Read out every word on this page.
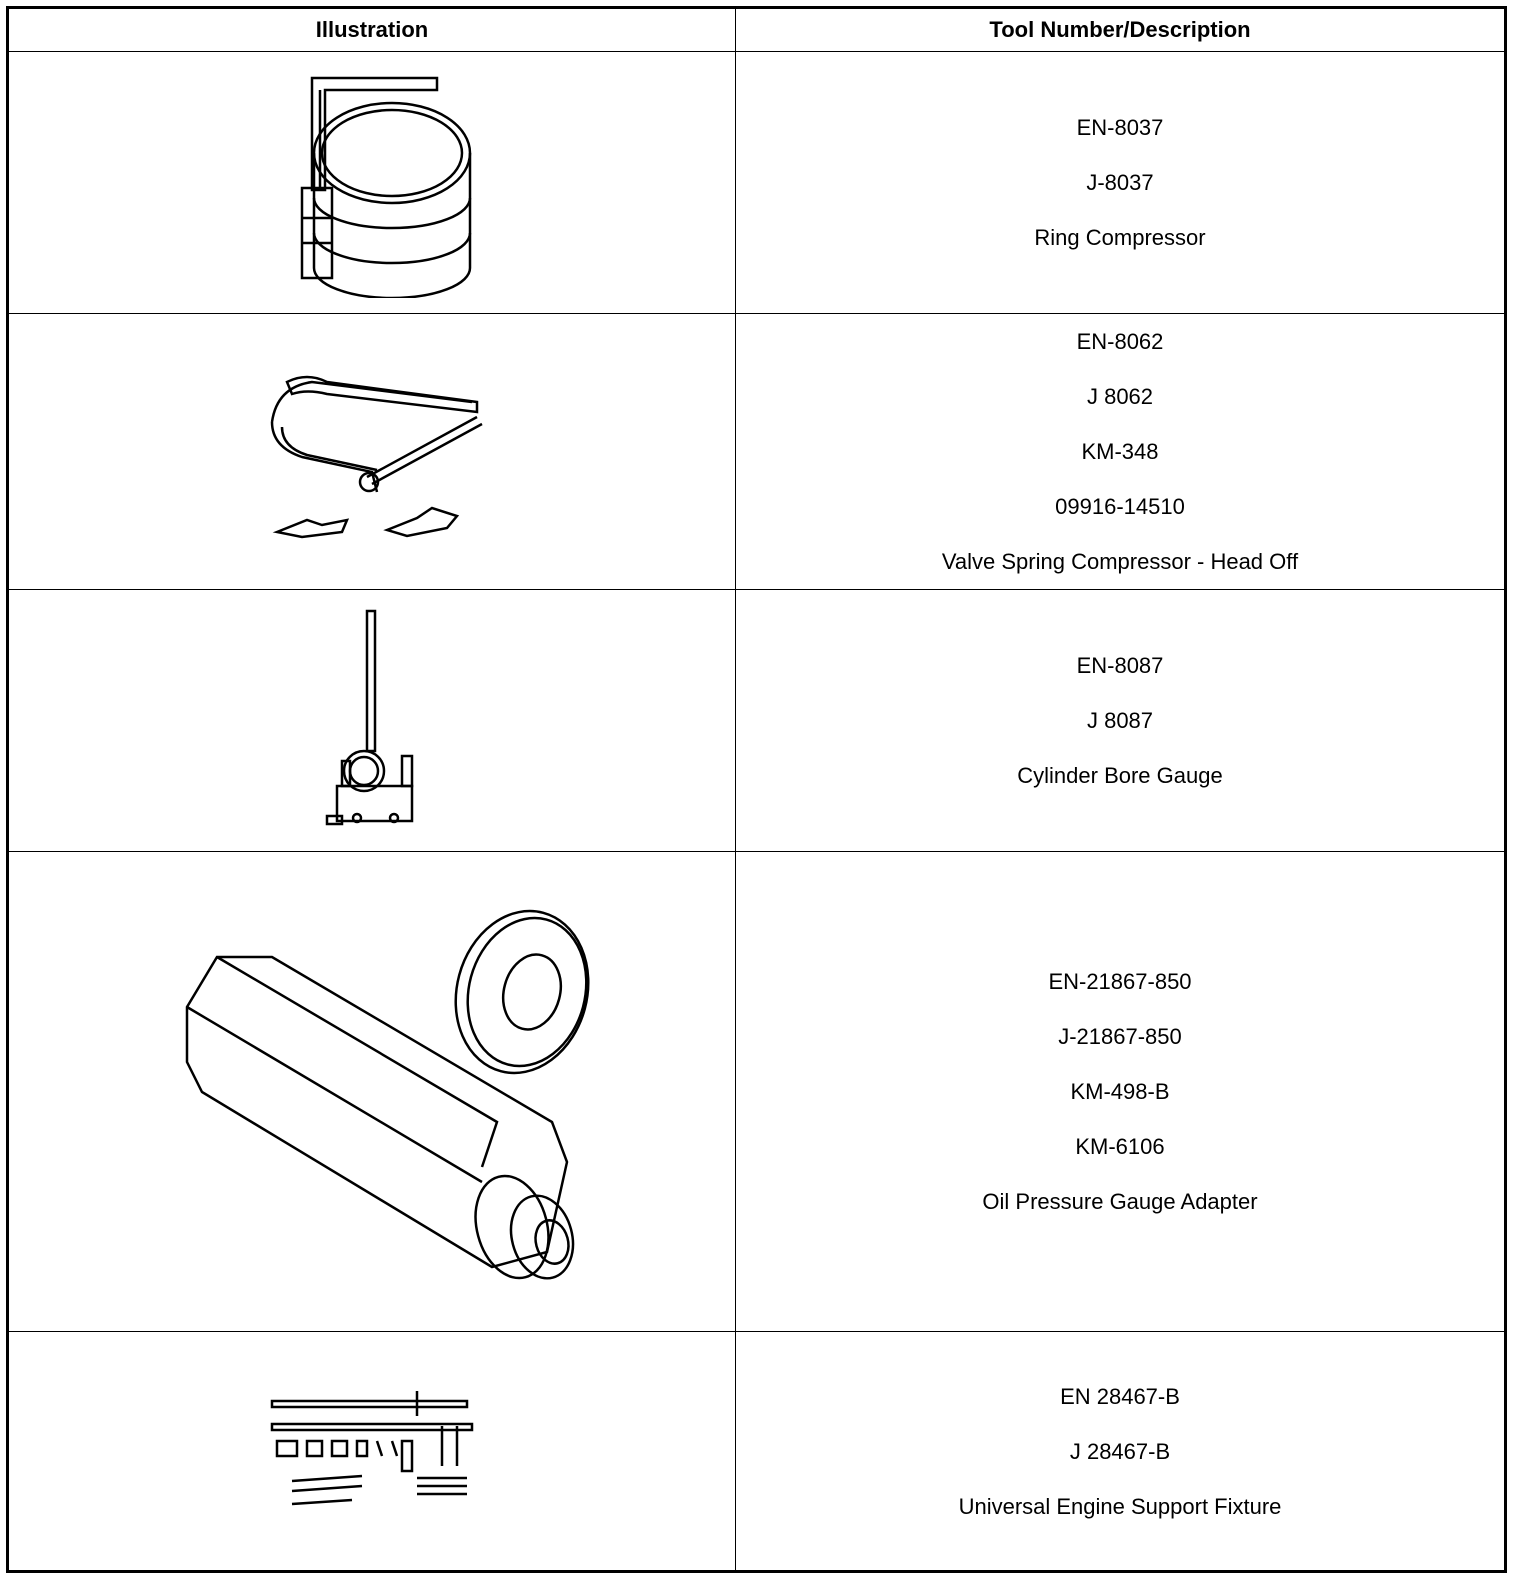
Illustration	Tool Number/Description

EN-8037
J-8037
Ring Compressor

EN-8062
J 8062
KM-348
09916-14510
Valve Spring Compressor - Head Off

EN-8087
J 8087
Cylinder Bore Gauge

EN-21867-850
J-21867-850
KM-498-B
KM-6106
Oil Pressure Gauge Adapter

EN 28467-B
J 28467-B
Universal Engine Support Fixture
